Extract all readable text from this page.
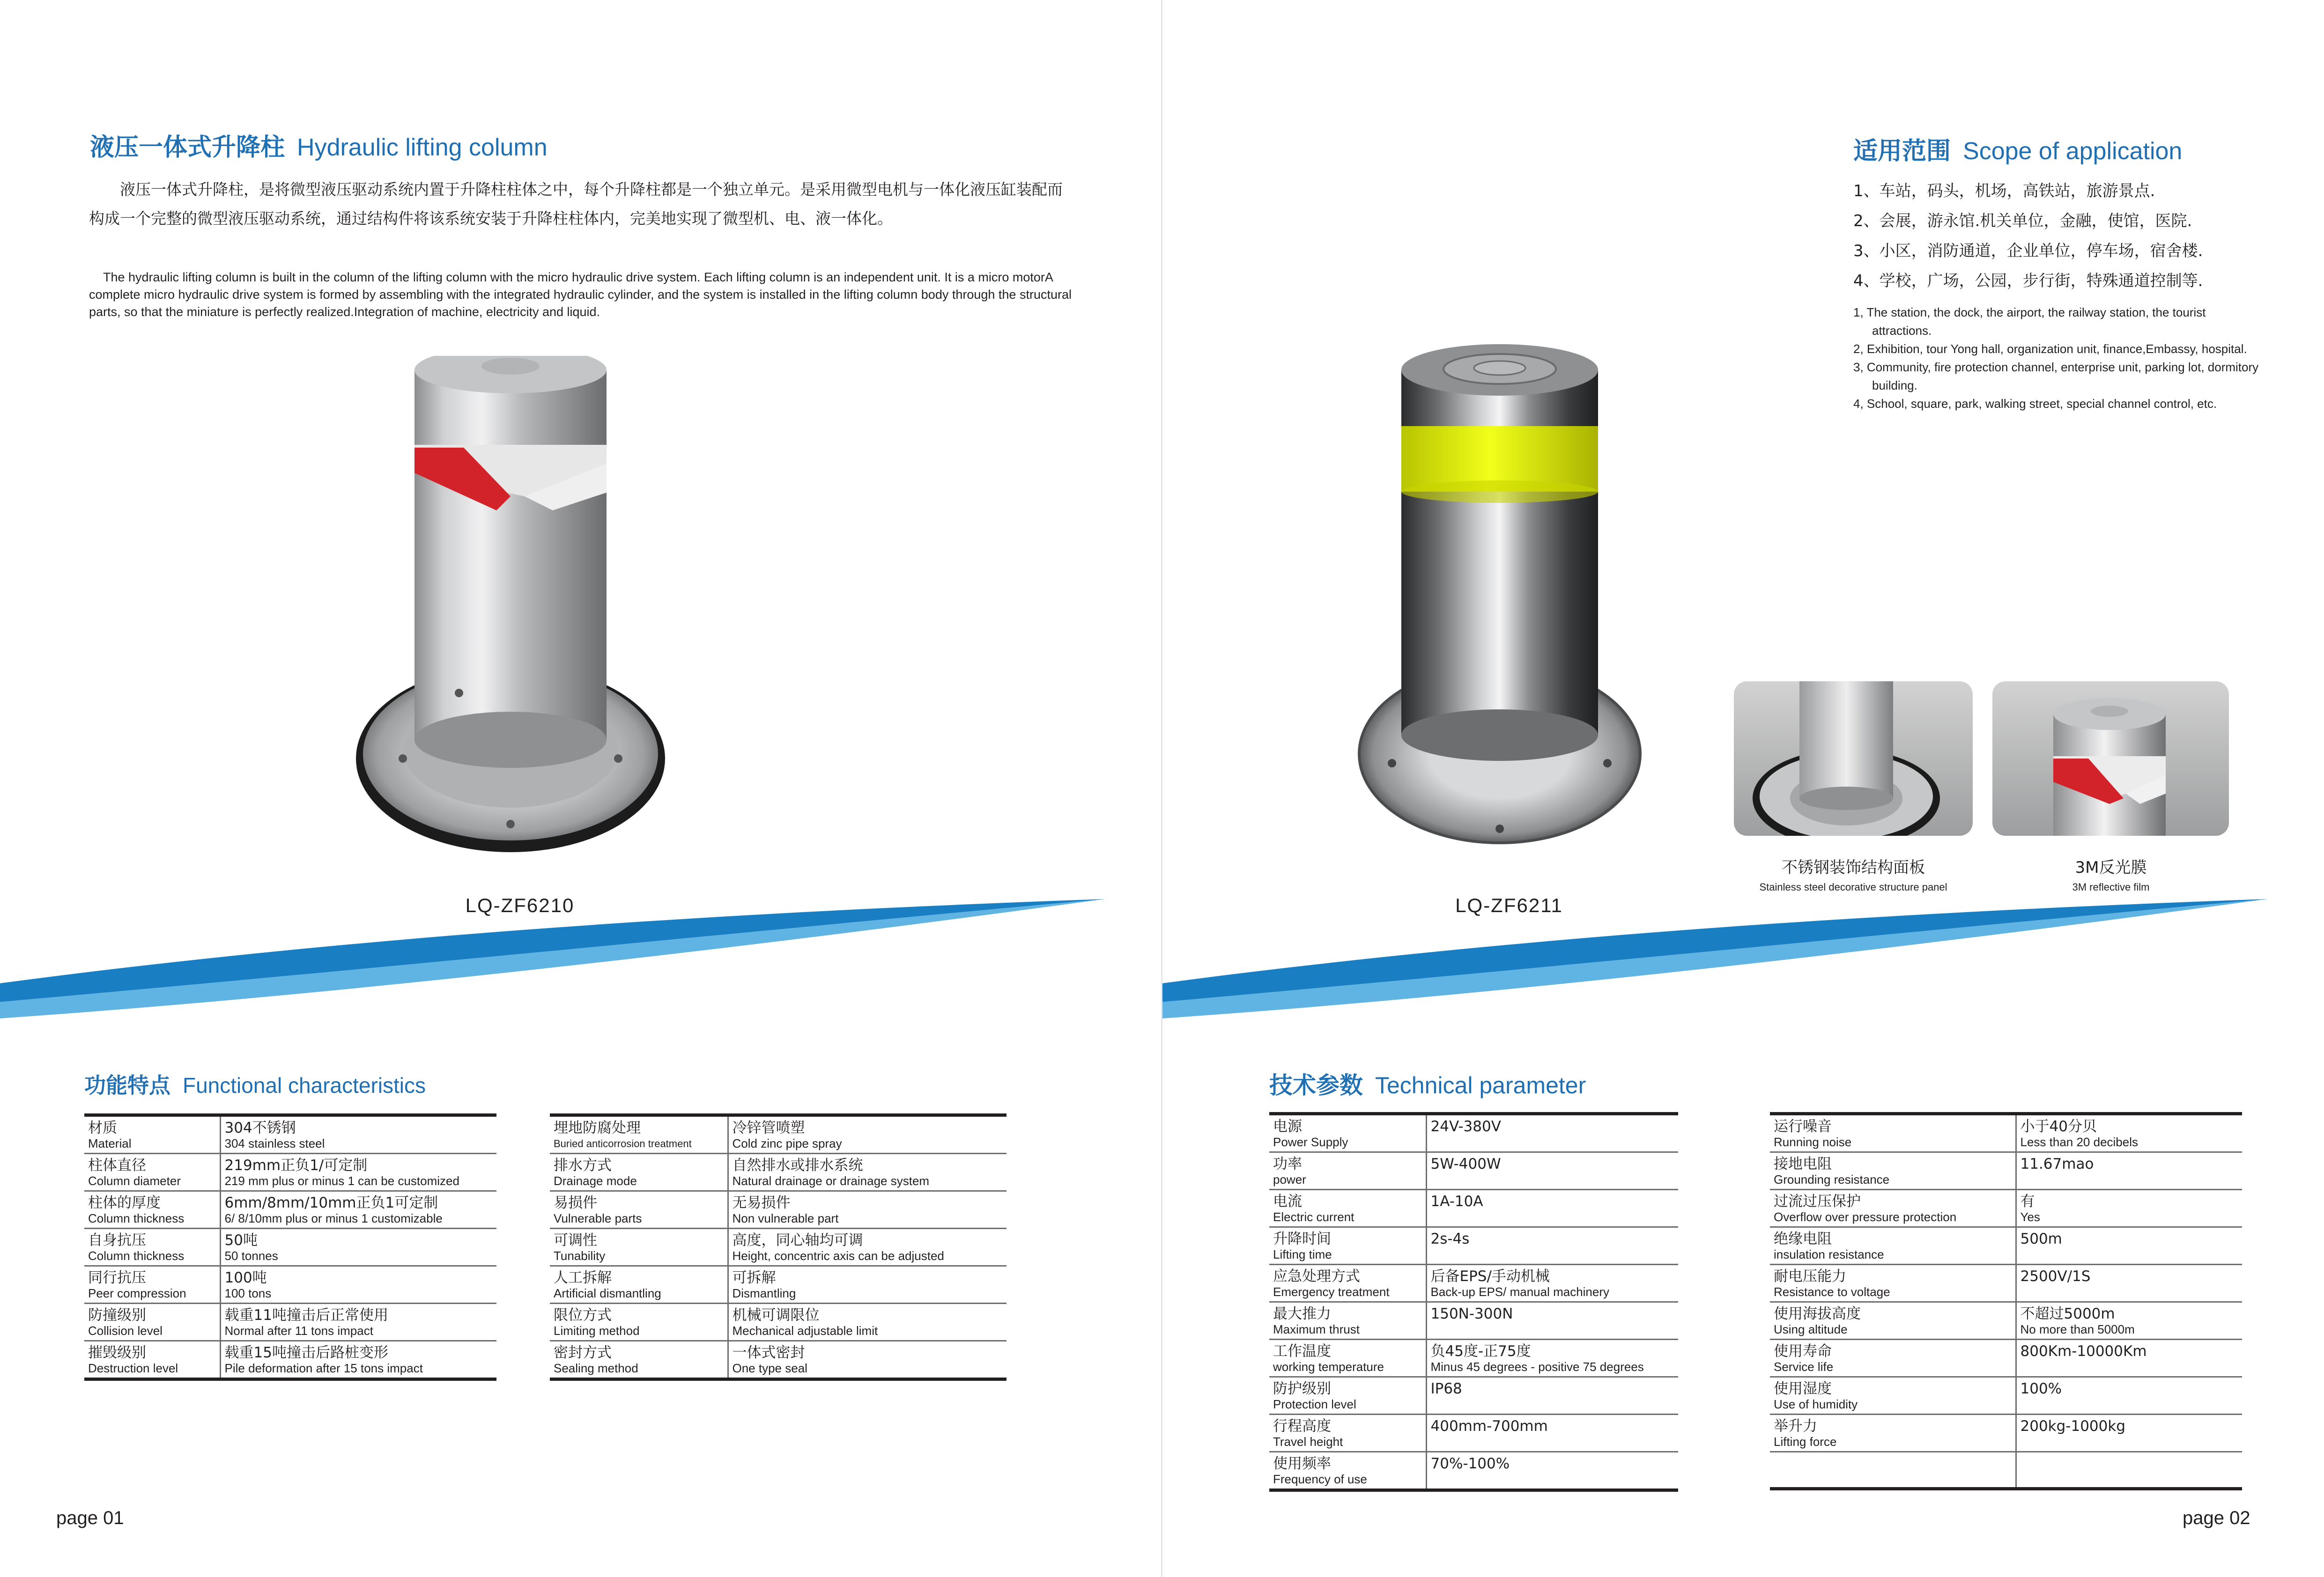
液压一体式升降柱 Hydraulic lifting column
液压一体式升降柱，是将微型液压驱动系统内置于升降柱柱体之中，每个升降柱都是一个独立单元。是采用微型电机与一体化液压缸装配而构成一个完整的微型液压驱动系统，通过结构件将该系统安装于升降柱柱体内，完美地实现了微型机、电、液一体化。
The hydraulic lifting column is built in the column of the lifting column with the micro hydraulic drive system. Each lifting column is an independent unit. It is a micro motorA complete micro hydraulic drive system is formed by assembling with the integrated hydraulic cylinder, and the system is installed in the lifting column body through the structural parts, so that the miniature is perfectly realized.Integration of machine, electricity and liquid.
LQ-ZF6210
功能特点 Functional characteristics
材质
Material	304不锈钢
304 stainless steel

柱体直径
Column diameter	219mm正负1/可定制
219 mm plus or minus 1 can be customized

柱体的厚度
Column thickness	6mm/8mm/10mm正负1可定制
6/ 8/10mm plus or minus 1 customizable

自身抗压
Column thickness	50吨
50 tonnes

同行抗压
Peer compression	100吨
100 tons

防撞级别
Collision level	载重11吨撞击后正常使用
Normal after 11 tons impact

摧毁级别
Destruction level	载重15吨撞击后路桩变形
Pile deformation after 15 tons impact
埋地防腐处理
Buried anticorrosion treatment	冷锌管喷塑
Cold zinc pipe spray

排水方式
Drainage mode	自然排水或排水系统
Natural drainage or drainage system

易损件
Vulnerable parts	无易损件
Non vulnerable part

可调性
Tunability	高度，同心轴均可调
Height, concentric axis can be adjusted

人工拆解
Artificial dismantling	可拆解
Dismantling

限位方式
Limiting method	机械可调限位
Mechanical adjustable limit

密封方式
Sealing method	一体式密封
One type seal
page 01
LQ-ZF6211
适用范围 Scope of application
1、车站，码头，机场，高铁站，旅游景点.
2、会展，游永馆.机关单位，金融，使馆，医院.
3、小区，消防通道，企业单位，停车场，宿舍楼.
4、学校，广场，公园，步行街，特殊通道控制等.
1, The station, the dock, the airport, the railway station, the tourist attractions.
2, Exhibition, tour Yong hall, organization unit, finance,Embassy, hospital.
3, Community, fire protection channel, enterprise unit, parking lot, dormitory building.
4, School, square, park, walking street, special channel control, etc.
不锈钢装饰结构面板
Stainless steel decorative structure panel
3M反光膜
3M reflective film
技术参数 Technical parameter
电源
Power Supply	24V-380V

功率
power	5W-400W

电流
Electric current	1A-10A

升降时间
Lifting time	2s-4s

应急处理方式
Emergency treatment	后备EPS/手动机械
Back-up EPS/ manual machinery

最大推力
Maximum thrust	150N-300N

工作温度
working temperature	负45度-正75度
Minus 45 degrees - positive 75 degrees

防护级别
Protection level	IP68

行程高度
Travel height	400mm-700mm

使用频率
Frequency of use	70%-100%
运行噪音
Running noise	小于40分贝
Less than 20 decibels

接地电阻
Grounding resistance	11.67mao

过流过压保护
Overflow over pressure protection	有
Yes

绝缘电阻
insulation resistance	500m

耐电压能力
Resistance to voltage	2500V/1S

使用海拔高度
Using altitude	不超过5000m
No more than 5000m

使用寿命
Service life	800Km-10000Km

使用湿度
Use of humidity	100%

举升力
Lifting force	200kg-1000kg

page 02
